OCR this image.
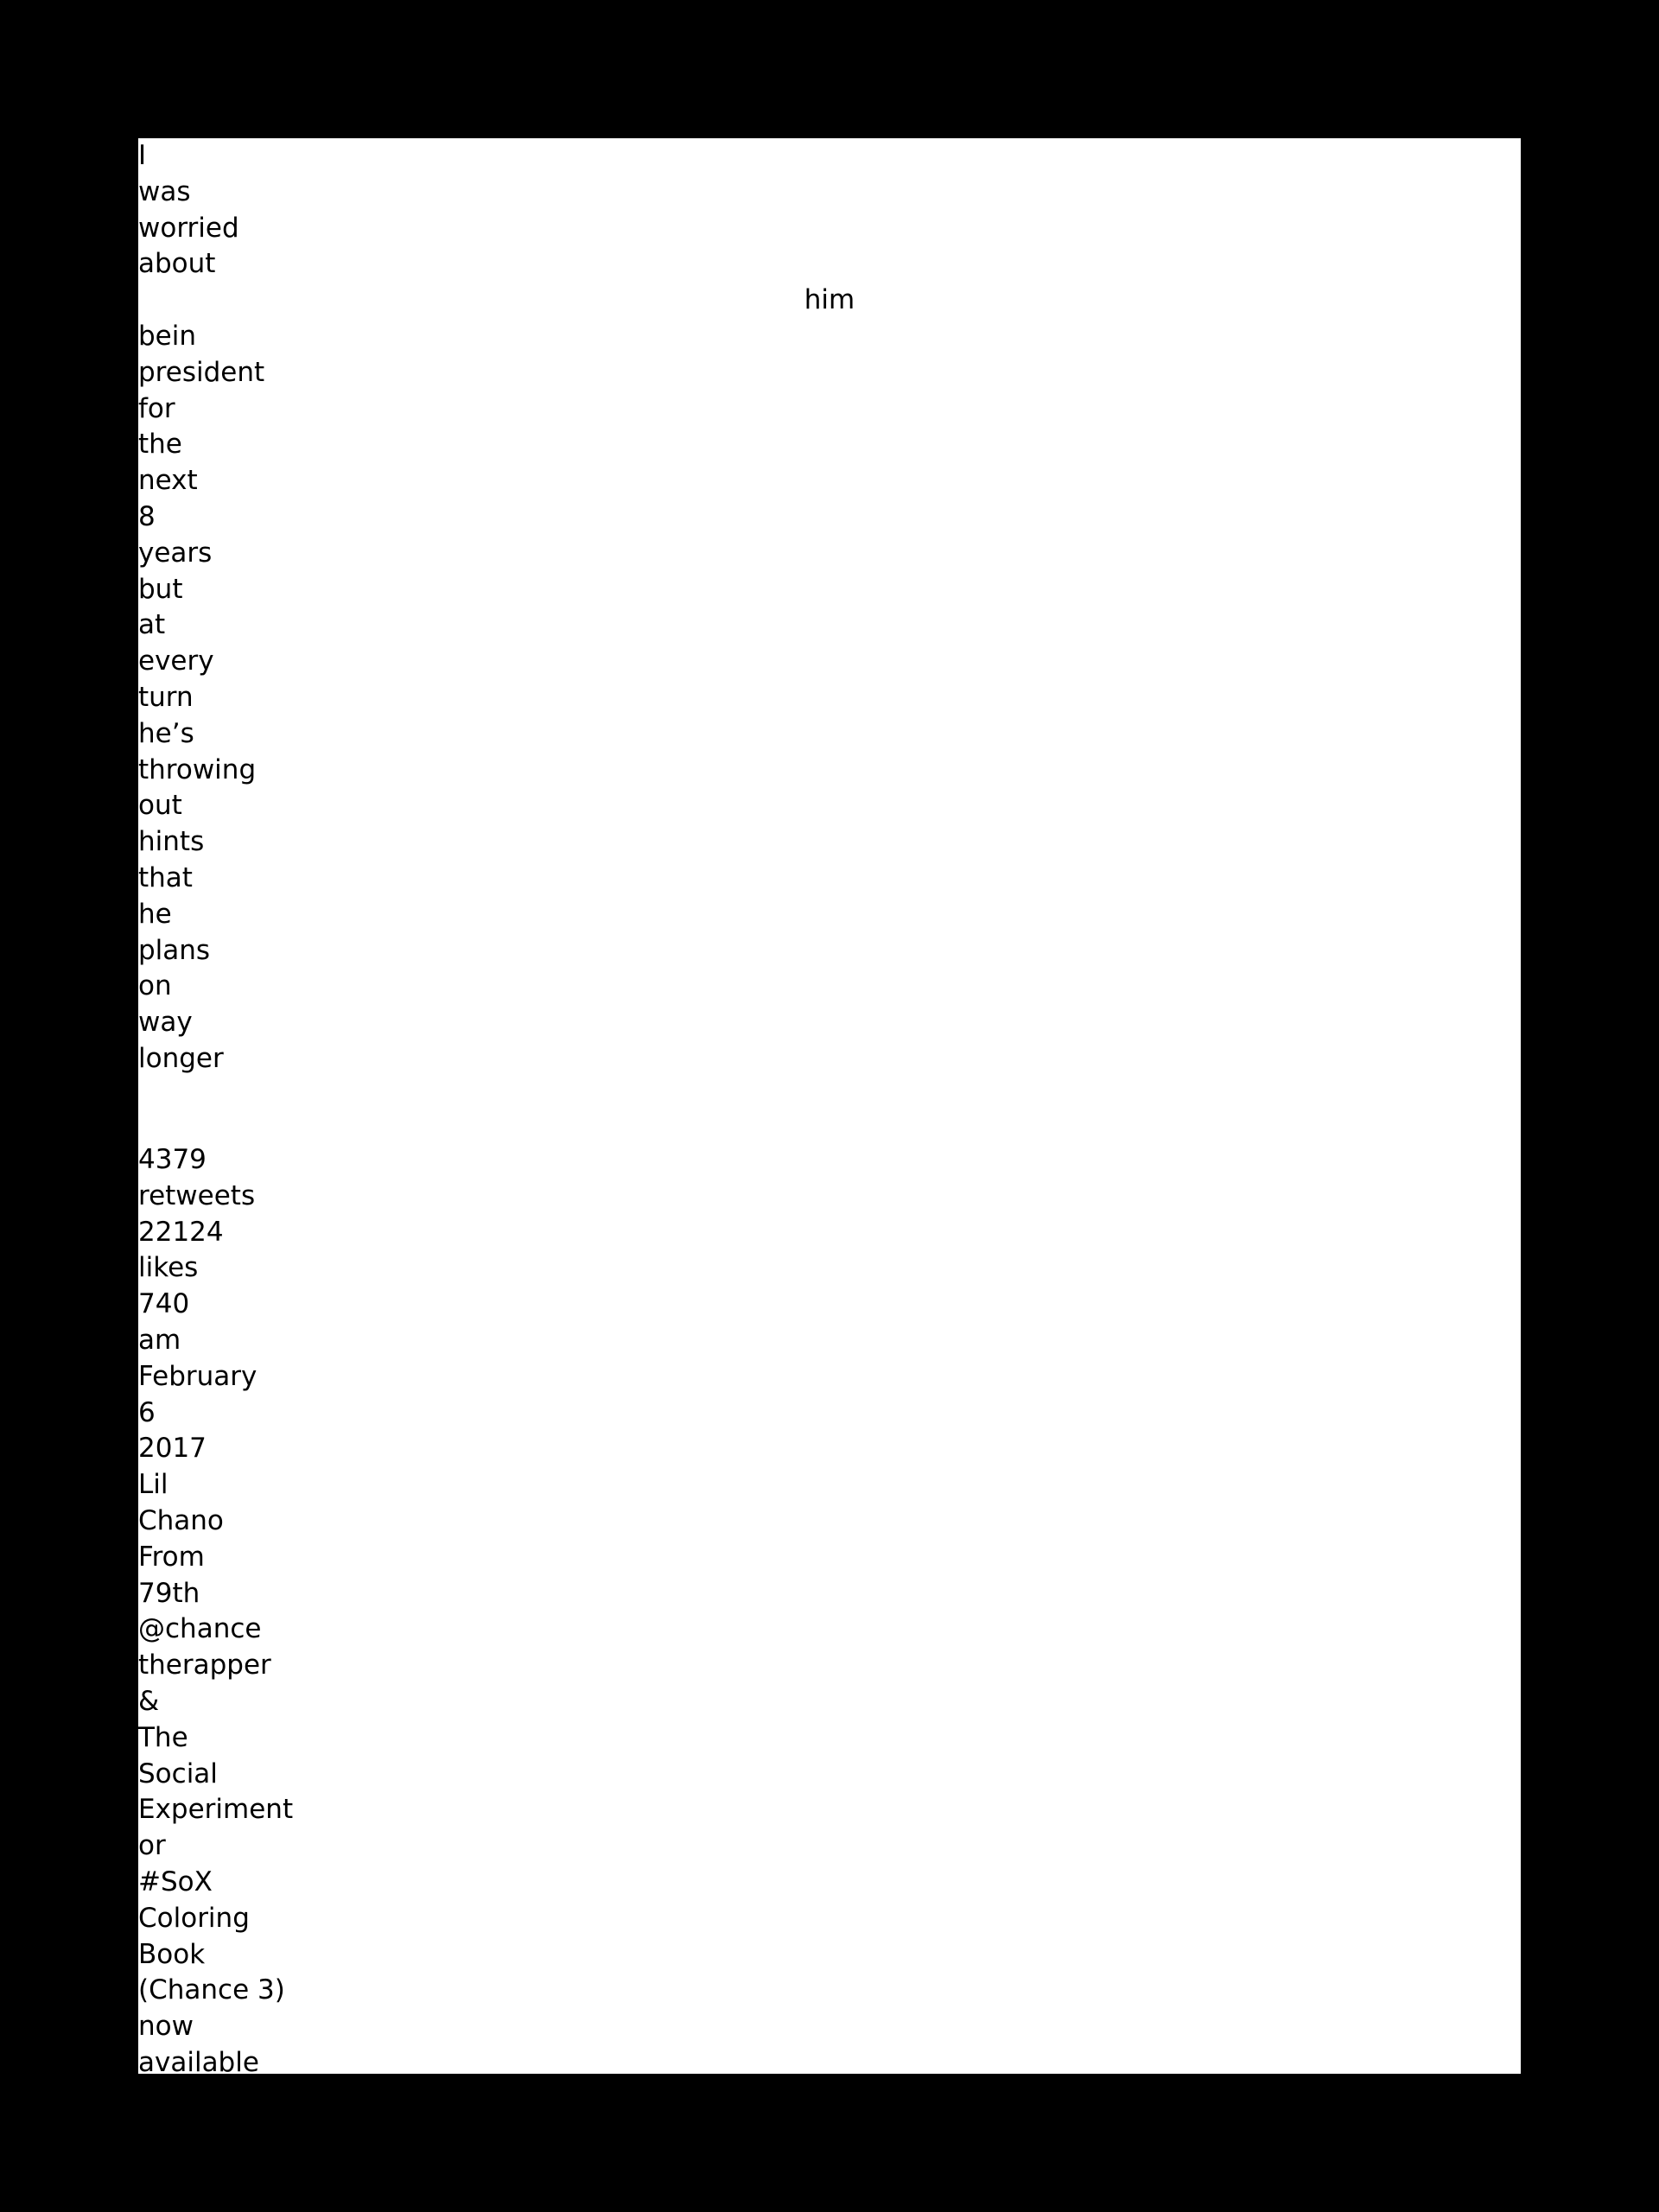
I
was
worried
about
him
bein
president
for
the
next
8
years
but
at
every
turn
he’s
throwing
out
hints
that
he
plans
on
way
longer
4379
retweets
22124
likes
740
am
February
6
2017
Lil
Chano
From
79th
@chance
therapper
&
The
Social
Experiment
or
#SoX
Coloring
Book
(Chance 3)
now
available
